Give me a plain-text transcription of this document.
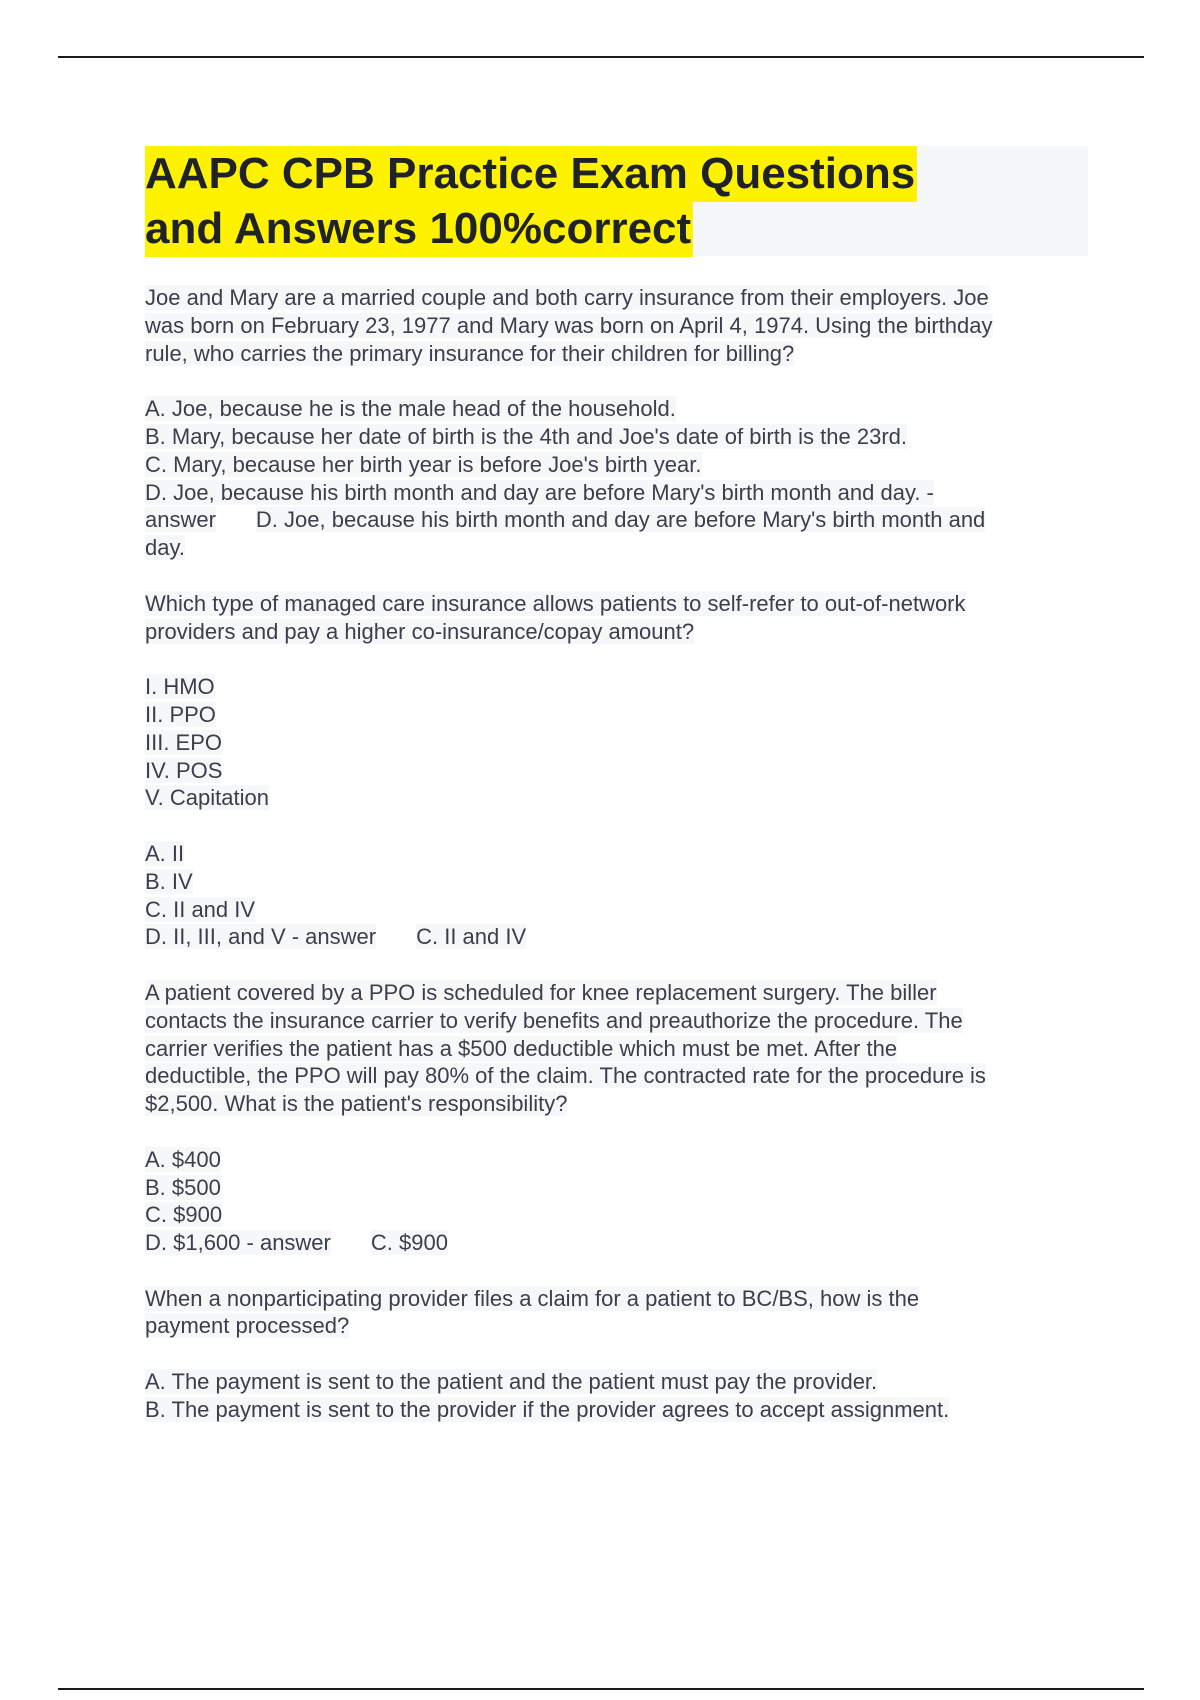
AAPC CPB Practice Exam Questions
and Answers 100%correct
Joe and Mary are a married couple and both carry insurance from their employers. Joe
was born on February 23, 1977 and Mary was born on April 4, 1974. Using the birthday
rule, who carries the primary insurance for their children for billing?
A. Joe, because he is the male head of the household.
B. Mary, because her date of birth is the 4th and Joe's date of birth is the 23rd.
C. Mary, because her birth year is before Joe's birth year.
D. Joe, because his birth month and day are before Mary's birth month and day. -
answer D. Joe, because his birth month and day are before Mary's birth month and
day.
Which type of managed care insurance allows patients to self-refer to out-of-network
providers and pay a higher co-insurance/copay amount?
I. HMO
II. PPO
III. EPO
IV. POS
V. Capitation
A. II
B. IV
C. II and IV
D. II, III, and V - answer C. II and IV
A patient covered by a PPO is scheduled for knee replacement surgery. The biller
contacts the insurance carrier to verify benefits and preauthorize the procedure. The
carrier verifies the patient has a $500 deductible which must be met. After the
deductible, the PPO will pay 80% of the claim. The contracted rate for the procedure is
$2,500. What is the patient's responsibility?
A. $400
B. $500
C. $900
D. $1,600 - answer C. $900
When a nonparticipating provider files a claim for a patient to BC/BS, how is the
payment processed?
A. The payment is sent to the patient and the patient must pay the provider.
B. The payment is sent to the provider if the provider agrees to accept assignment.
